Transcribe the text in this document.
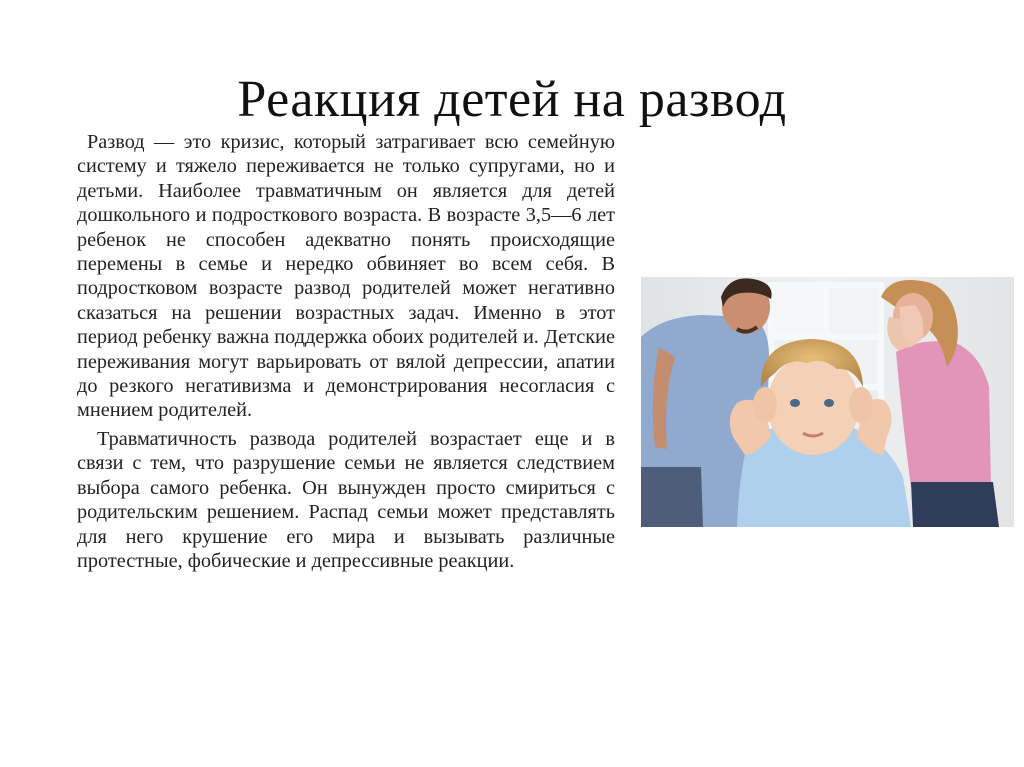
Реакция детей на развод

Развод — это кризис, который затрагивает всю семейную систему и тяжело переживается не только супругами, но и детьми. Наиболее травматичным он является для детей дошкольного и подросткового возраста. В возрасте 3,5—6 лет ребенок не способен адекватно понять происходящие перемены в семье и нередко обвиняет во всем себя. В подростковом возрасте развод родителей может негативно сказаться на решении возрастных задач. Именно в этот период ребенку важна поддержка обоих родителей и. Детские переживания могут варьировать от вялой депрессии, апатии до резкого негативизма и демонстрирования несогласия с мнением родителей.

Травматичность развода родителей возрастает еще и в связи с тем, что разрушение семьи не является следствием выбора самого ребенка. Он вынужден просто смириться с родительским решением. Распад семьи может представлять для него крушение его мира и вызывать различные протестные, фобические и депрессивные реакции.
